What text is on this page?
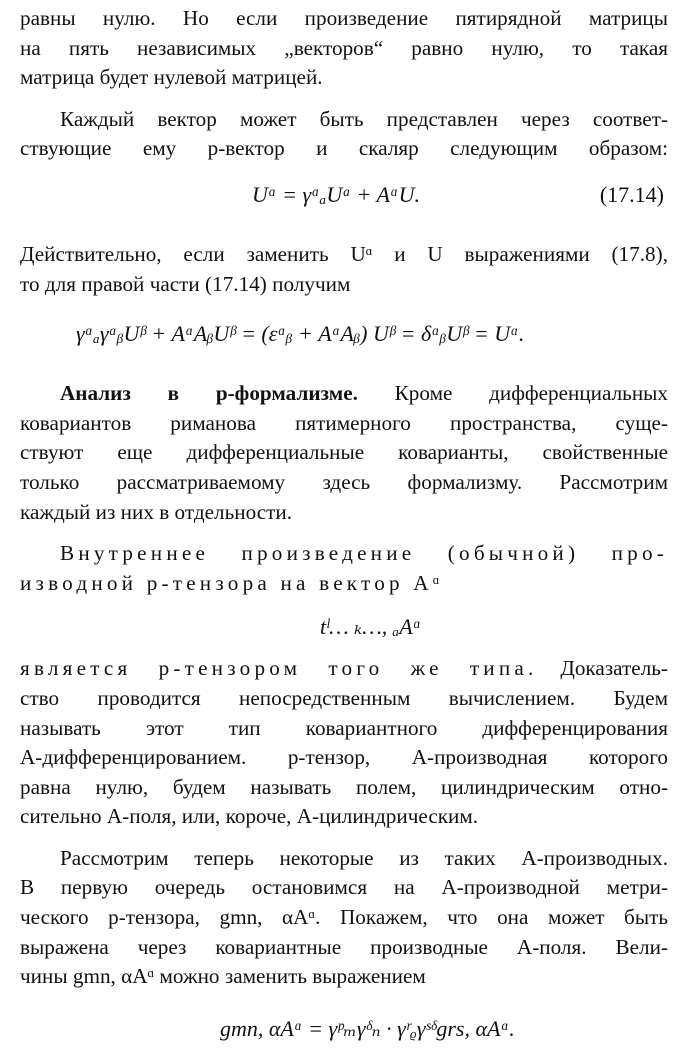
равны нулю. Но если произведение пятирядной матрицы
на пять независимых „векторов“ равно нулю, то такая
матрица будет нулевой матрицей.
Каждый вектор может быть представлен через соответ-
ствующие ему p-вектор и скаляр следующим образом:
Uᵅ = γᵅₐUᵃ + AᵅU.	(17.14)
Действительно, если заменить Uᵅ и U выражениями (17.8),
то для правой части (17.14) получим
γᵅₐγᵃᵦUᵝ + AᵅAᵦUᵝ = (εᵅᵦ + AᵅAᵦ) Uᵝ = δᵅᵦUᵝ = Uᵅ.
Анализ в p-формализме. Кроме дифференциальных
ковариантов риманова пятимерного пространства, суще-
ствуют еще дифференциальные коварианты, свойственные
только рассматриваемому здесь формализму. Рассмотрим
каждый из них в отдельности.
Внутреннее произведение (обычной) про-
изводной p-тензора на вектор Aᵅ
tˡ… ₖ…, ₐAᵅ
является p-тензором того же типа. Доказатель-
ство проводится непосредственным вычислением. Будем
называть этот тип ковариантного дифференцирования
A-дифференцированием. p-тензор, A-производная которого
равна нулю, будем называть полем, цилиндрическим отно-
сительно A-поля, или, короче, A-цилиндрическим.
Рассмотрим теперь некоторые из таких A-производных.
В первую очередь остановимся на A-производной метри-
ческого p-тензора, gmn, αAᵅ. Покажем, что она может быть
выражена через ковариантные производные A-поля. Вели-
чины gmn, αAᵅ можно заменить выражением
gmn, αAᵅ = γᵖₘγᵟₙ · γʳᵨγˢᵟgrs, αAᵅ.
